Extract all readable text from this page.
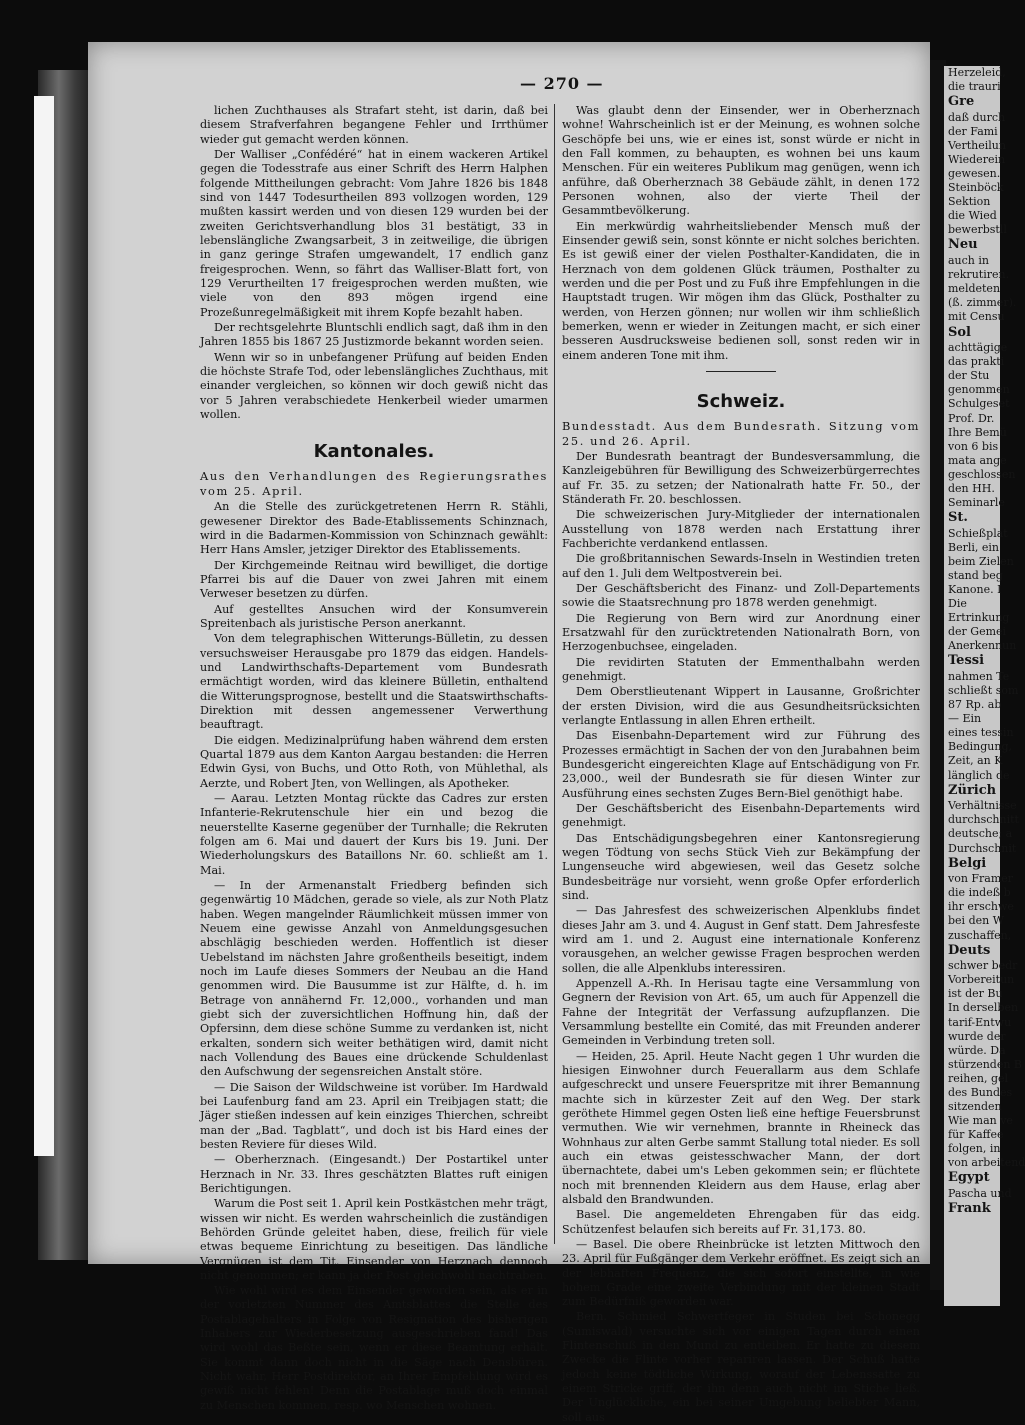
— 270 —

lichen Zuchthauses als Strafart steht, ist darin, daß bei diesem Strafverfahren begangene Fehler und Irrthümer wieder gut gemacht werden können.

Der Walliser „Confédéré“ hat in einem wackeren Artikel gegen die Todesstrafe aus einer Schrift des Herrn Halphen folgende Mittheilungen gebracht: Vom Jahre 1826 bis 1848 sind von 1447 Todesurtheilen 893 vollzogen worden, 129 mußten kassirt werden und von diesen 129 wurden bei der zweiten Gerichtsverhandlung blos 31 bestätigt, 33 in lebenslängliche Zwangsarbeit, 3 in zeitweilige, die übrigen in ganz geringe Strafen umgewandelt, 17 endlich ganz freigesprochen. Wenn, so fährt das Walliser-Blatt fort, von 129 Verurtheilten 17 freigesprochen werden mußten, wie viele von den 893 mögen irgend eine Prozeßunregelmäßigkeit mit ihrem Kopfe bezahlt haben.

Der rechtsgelehrte Bluntschli endlich sagt, daß ihm in den Jahren 1855 bis 1867 25 Justizmorde bekannt worden seien.

Wenn wir so in unbefangener Prüfung auf beiden Enden die höchste Strafe Tod, oder lebenslängliches Zuchthaus, mit einander vergleichen, so können wir doch gewiß nicht das vor 5 Jahren verabschiedete Henkerbeil wieder umarmen wollen.

Kantonales.
Aus den Verhandlungen des Regierungsrathes vom 25. April.

An die Stelle des zurückgetretenen Herrn R. Stähli, gewesener Direktor des Bade-Etablissements Schinznach, wird in die Badarmen-Kommission von Schinznach gewählt: Herr Hans Amsler, jetziger Direktor des Etablissements.

Der Kirchgemeinde Reitnau wird bewilliget, die dortige Pfarrei bis auf die Dauer von zwei Jahren mit einem Verweser besetzen zu dürfen.

Auf gestelltes Ansuchen wird der Konsumverein Spreitenbach als juristische Person anerkannt.

Von dem telegraphischen Witterungs-Bülletin, zu dessen versuchsweiser Herausgabe pro 1879 das eidgen. Handels- und Landwirthschafts-Departement vom Bundesrath ermächtigt worden, wird das kleinere Bülletin, enthaltend die Witterungsprognose, bestellt und die Staatswirthschafts-Direktion mit dessen angemessener Verwerthung beauftragt.

Die eidgen. Medizinalprüfung haben während dem ersten Quartal 1879 aus dem Kanton Aargau bestanden: die Herren Edwin Gysi, von Buchs, und Otto Roth, von Mühlethal, als Aerzte, und Robert Jten, von Wellingen, als Apotheker.

— Aarau. Letzten Montag rückte das Cadres zur ersten Infanterie-Rekrutenschule hier ein und bezog die neuerstellte Kaserne gegenüber der Turnhalle; die Rekruten folgen am 6. Mai und dauert der Kurs bis 19. Juni. Der Wiederholungskurs des Bataillons Nr. 60. schließt am 1. Mai.

— In der Armenanstalt Friedberg befinden sich gegenwärtig 10 Mädchen, gerade so viele, als zur Noth Platz haben. Wegen mangelnder Räumlichkeit müssen immer von Neuem eine gewisse Anzahl von Anmeldungsgesuchen abschlägig beschieden werden. Hoffentlich ist dieser Uebelstand im nächsten Jahre großentheils beseitigt, indem noch im Laufe dieses Sommers der Neubau an die Hand genommen wird. Die Bausumme ist zur Hälfte, d. h. im Betrage von annähernd Fr. 12,000., vorhanden und man giebt sich der zuversichtlichen Hoffnung hin, daß der Opfersinn, dem diese schöne Summe zu verdanken ist, nicht erkalten, sondern sich weiter bethätigen wird, damit nicht nach Vollendung des Baues eine drückende Schuldenlast den Aufschwung der segensreichen Anstalt störe.

— Die Saison der Wildschweine ist vorüber. Im Hardwald bei Laufenburg fand am 23. April ein Treibjagen statt; die Jäger stießen indessen auf kein einziges Thierchen, schreibt man der „Bad. Tagblatt“, und doch ist bis Hard eines der besten Reviere für dieses Wild.

— Oberherznach. (Eingesandt.) Der Postartikel unter Herznach in Nr. 33. Ihres geschätzten Blattes ruft einigen Berichtigungen.

Warum die Post seit 1. April kein Postkästchen mehr trägt, wissen wir nicht. Es werden wahrscheinlich die zuständigen Behörden Gründe geleitet haben, diese, freilich für viele etwas bequeme Einrichtung zu beseitigen. Das ländliche Vergnügen ist dem Tit. Einsender von Herznach dennoch nicht genommen; er kann ja der Post gleichwohl nachtraben.

Wie wohl wird es dem Einsender geworden sein, als er in der vorletzten Nummer des Amtsblattes die Stelle des Postablagehalters in Folge von Resignation des bisherigen Inhabers zur Wiederbesetzung ausgeschrieben fand! Das wird wohl das Beßte sein, wenn er diese Beamtung erhält. Sie kommt dann doch nicht in die Säge nach Densbüren. Nicht wahr, Herr Postdirektor, an Ihrer Empfehlung wird es gewiß nicht fehlen! Denn die Postablage muß doch einmal zu Menschen kommen, resp. wo Menschen wohnen.

Was glaubt denn der Einsender, wer in Oberherznach wohne! Wahrscheinlich ist er der Meinung, es wohnen solche Geschöpfe bei uns, wie er eines ist, sonst würde er nicht in den Fall kommen, zu behaupten, es wohnen bei uns kaum Menschen. Für ein weiteres Publikum mag genügen, wenn ich anführe, daß Oberherznach 38 Gebäude zählt, in denen 172 Personen wohnen, also der vierte Theil der Gesammtbevölkerung.

Ein merkwürdig wahrheitsliebender Mensch muß der Einsender gewiß sein, sonst könnte er nicht solches berichten. Es ist gewiß einer der vielen Posthalter-Kandidaten, die in Herznach von dem goldenen Glück träumen, Posthalter zu werden und die per Post und zu Fuß ihre Empfehlungen in die Hauptstadt trugen. Wir mögen ihm das Glück, Posthalter zu werden, von Herzen gönnen; nur wollen wir ihm schließlich bemerken, wenn er wieder in Zeitungen macht, er sich einer besseren Ausdrucksweise bedienen soll, sonst reden wir in einem anderen Tone mit ihm.

Schweiz.
Bundesstadt. Aus dem Bundesrath. Sitzung vom 25. und 26. April.

Der Bundesrath beantragt der Bundesversammlung, die Kanzleigebühren für Bewilligung des Schweizerbürgerrechtes auf Fr. 35. zu setzen; der Nationalrath hatte Fr. 50., der Ständerath Fr. 20. beschlossen.

Die schweizerischen Jury-Mitglieder der internationalen Ausstellung von 1878 werden nach Erstattung ihrer Fachberichte verdankend entlassen.

Die großbritannischen Sewards-Inseln in Westindien treten auf den 1. Juli dem Weltpostverein bei.

Der Geschäftsbericht des Finanz- und Zoll-Departements sowie die Staatsrechnung pro 1878 werden genehmigt.

Die Regierung von Bern wird zur Anordnung einer Ersatzwahl für den zurücktretenden Nationalrath Born, von Herzogenbuchsee, eingeladen.

Die revidirten Statuten der Emmenthalbahn werden genehmigt.

Dem Oberstlieutenant Wippert in Lausanne, Großrichter der ersten Division, wird die aus Gesundheitsrücksichten verlangte Entlassung in allen Ehren ertheilt.

Das Eisenbahn-Departement wird zur Führung des Prozesses ermächtigt in Sachen der von den Jurabahnen beim Bundesgericht eingereichten Klage auf Entschädigung von Fr. 23,000., weil der Bundesrath sie für diesen Winter zur Ausführung eines sechsten Zuges Bern-Biel genöthigt habe.

Der Geschäftsbericht des Eisenbahn-Departements wird genehmigt.

Das Entschädigungsbegehren einer Kantonsregierung wegen Tödtung von sechs Stück Vieh zur Bekämpfung der Lungenseuche wird abgewiesen, weil das Gesetz solche Bundesbeiträge nur vorsieht, wenn große Opfer erforderlich sind.

— Das Jahresfest des schweizerischen Alpenklubs findet dieses Jahr am 3. und 4. August in Genf statt. Dem Jahresfeste wird am 1. und 2. August eine internationale Konferenz vorausgehen, an welcher gewisse Fragen besprochen werden sollen, die alle Alpenklubs interessiren.

Appenzell A.-Rh. In Herisau tagte eine Versammlung von Gegnern der Revision von Art. 65, um auch für Appenzell die Fahne der Integrität der Verfassung aufzupflanzen. Die Versammlung bestellte ein Comité, das mit Freunden anderer Gemeinden in Verbindung treten soll.

— Heiden, 25. April. Heute Nacht gegen 1 Uhr wurden die hiesigen Einwohner durch Feuerallarm aus dem Schlafe aufgeschreckt und unsere Feuerspritze mit ihrer Bemannung machte sich in kürzester Zeit auf den Weg. Der stark geröthete Himmel gegen Osten ließ eine heftige Feuersbrunst vermuthen. Wie wir vernehmen, brannte in Rheineck das Wohnhaus zur alten Gerbe sammt Stallung total nieder. Es soll auch ein etwas geistesschwacher Mann, der dort übernachtete, dabei um's Leben gekommen sein; er flüchtete noch mit brennenden Kleidern aus dem Hause, erlag aber alsbald den Brandwunden.

Basel. Die angemeldeten Ehrengaben für das eidg. Schützenfest belaufen sich bereits auf Fr. 31,173. 80.

— Basel. Die obere Rheinbrücke ist letzten Mittwoch den 23. April für Fußgänger dem Verkehr eröffnet. Es zeigt sich an der lebhaften Frequenz, die sich sofort einstellte, in wie hohem Grade eine zweite Verbindung mit der kleinen Stadt zum Bedürfniß geworden war.

Bern. Schmied Schwertfeger in Studen bei Schonegg (Sumiswald) versuchte sich vor einigen Tagen durch einen Flintenschuß in den Mund zu entleiben. Er hatte zu diesem Zwecke die Flinte vorher repariren lassen. Der Schuß hatte jedoch keine tödtliche Wirkung, worauf der Lebenssatte zu einem Stricke griff, der ihn denn auch nicht im Stiche ließ. Der Unglückliche, ein bei seiner Umgebung beliebter Mann, soll aus

Herzeleid,
die trauri
Gre
daß durch
der Fami
Vertheilun
Wiederein
gewesen.
Steinböck
Sektion
die Wied
bewerbstll
Neu
auch in
rekrutiren.
meldeten
(ß. zimmer).
mit Censu
Sol
achttägige
das prakti
der Stu
genommen
Schulgeset
Prof. Dr.
Ihre Bemü
von 6 bis
mata ange
geschlossen
den HH.
Seminarle
St.
Schießplat
Berli, ein
beim Zielen
stand beg
Kanone. I
Die
Ertrinkung
der Gemei
Anerkennun
Tessi
nahmen Te
schließt som
87 Rp. ab
— Ein
eines tessin
Bedingung,
Zeit, an K
länglich de
Zürich
Verhältnisse
durchschnitt
deutsche; a
Durchschnit
Belgi
von Framer
die indeß b
ihr erschwe
bei den W
zuschaffen,
Deuts
schwer bedr
Vorbereitun
ist der Bu
In derselben
tarif-Entwu
wurde der
würde. Da
stürzenden B
reihen, gel
des Bundes
sitzenden
Wie man ve
für Kaffee
folgen, in
von arbeitend
Egypt
Pascha und
Frank
